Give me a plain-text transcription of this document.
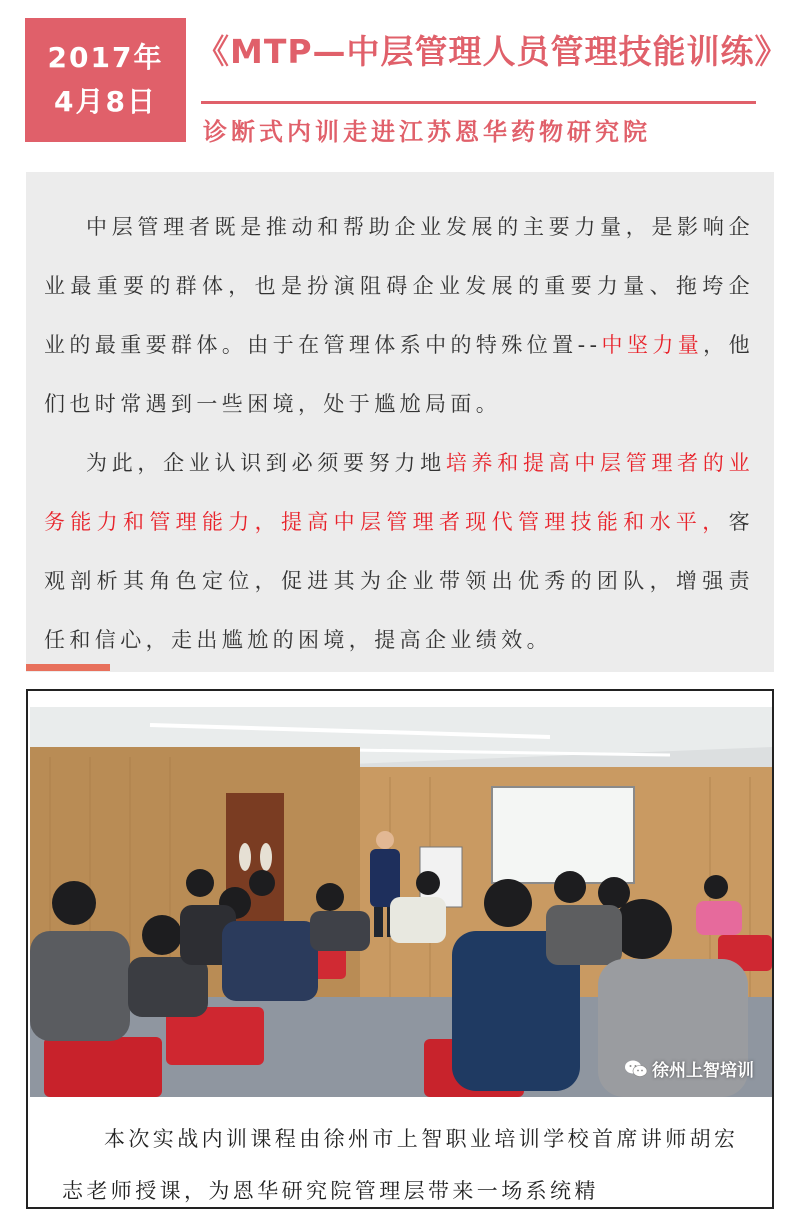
2017年
4月8日
《MTP—中层管理人员管理技能训练》
诊断式内训走进江苏恩华药物研究院

中层管理者既是推动和帮助企业发展的主要力量，是影响企业最重要的群体，也是扮演阻碍企业发展的重要力量、拖垮企业的最重要群体。由于在管理体系中的特殊位置--中坚力量，他们也时常遇到一些困境，处于尴尬局面。

为此，企业认识到必须要努力地培养和提高中层管理者的业务能力和管理能力，提高中层管理者现代管理技能和水平，客观剖析其角色定位，促进其为企业带领出优秀的团队，增强责任和信心，走出尴尬的困境，提高企业绩效。

徐州上智培训

本次实战内训课程由徐州市上智职业培训学校首席讲师胡宏志老师授课，为恩华研究院管理层带来一场系统精
